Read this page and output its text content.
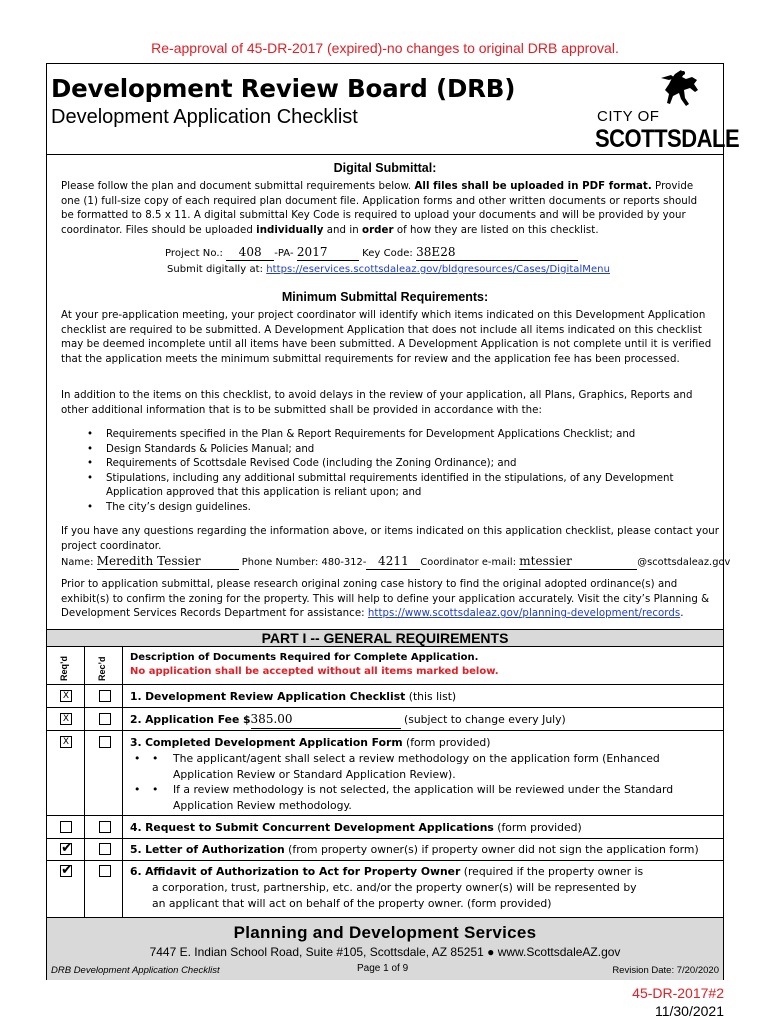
Re-approval of 45-DR-2017 (expired)-no changes to original DRB approval.
Development Review Board (DRB)
Development Application Checklist	CITY OF
SCOTTSDALE
Digital Submittal:
Please follow the plan and document submittal requirements below. All files shall be uploaded in PDF format. Provide one (1) full-size copy of each required plan document file. Application forms and other written documents or reports should be formatted to 8.5 x 11. A digital submittal Key Code is required to upload your documents and will be provided by your coordinator. Files should be uploaded individually and in order of how they are listed on this checklist.
Project No.: 408 -PA- 2017	Key Code: 38E28
Submit digitally at: https://eservices.scottsdaleaz.gov/bldgresources/Cases/DigitalMenu
Minimum Submittal Requirements:
At your pre-application meeting, your project coordinator will identify which items indicated on this Development Application checklist are required to be submitted. A Development Application that does not include all items indicated on this checklist may be deemed incomplete until all items have been submitted. A Development Application is not complete until it is verified that the application meets the minimum submittal requirements for review and the application fee has been processed.
In addition to the items on this checklist, to avoid delays in the review of your application, all Plans, Graphics, Reports and other additional information that is to be submitted shall be provided in accordance with the:
• Requirements specified in the Plan & Report Requirements for Development Applications Checklist; and
• Design Standards & Policies Manual; and
• Requirements of Scottsdale Revised Code (including the Zoning Ordinance); and
• Stipulations, including any additional submittal requirements identified in the stipulations, of any Development Application approved that this application is reliant upon; and
• The city’s design guidelines.
If you have any questions regarding the information above, or items indicated on this application checklist, please contact your project coordinator.
Name: Meredith Tessier	Phone Number: 480-312- 4211 Coordinator e-mail: mtessier	@scottsdaleaz.gov
Prior to application submittal, please research original zoning case history to find the original adopted ordinance(s) and exhibit(s) to confirm the zoning for the property. This will help to define your application accurately. Visit the city’s Planning & Development Services Records Department for assistance: https://www.scottsdaleaz.gov/planning-development/records.
PART I -- GENERAL REQUIREMENTS
Req’d	Rec’d Description of Documents Required for Complete Application.
No application shall be accepted without all items marked below.
X	1. Development Review Application Checklist (this list)
X	2. Application Fee $385.00	(subject to change every July)
X	3. Completed Development Application Form (form provided)
• • The applicant/agent shall select a review methodology on the application form (Enhanced Application Review or Standard Application Review).
• • If a review methodology is not selected, the application will be reviewed under the Standard Application Review methodology.
4. Request to Submit Concurrent Development Applications (form provided)
✔	5. Letter of Authorization (from property owner(s) if property owner did not sign the application form)
✔	6. Affidavit of Authorization to Act for Property Owner (required if the property owner is a corporation, trust, partnership, etc. and/or the property owner(s) will be represented by an applicant that will act on behalf of the property owner. (form provided)
Planning and Development Services
7447 E. Indian School Road, Suite #105, Scottsdale, AZ 85251 ● www.ScottsdaleAZ.gov
DRB Development Application Checklist	Page 1 of 9	Revision Date: 7/20/2020
45-DR-2017#2
11/30/2021
